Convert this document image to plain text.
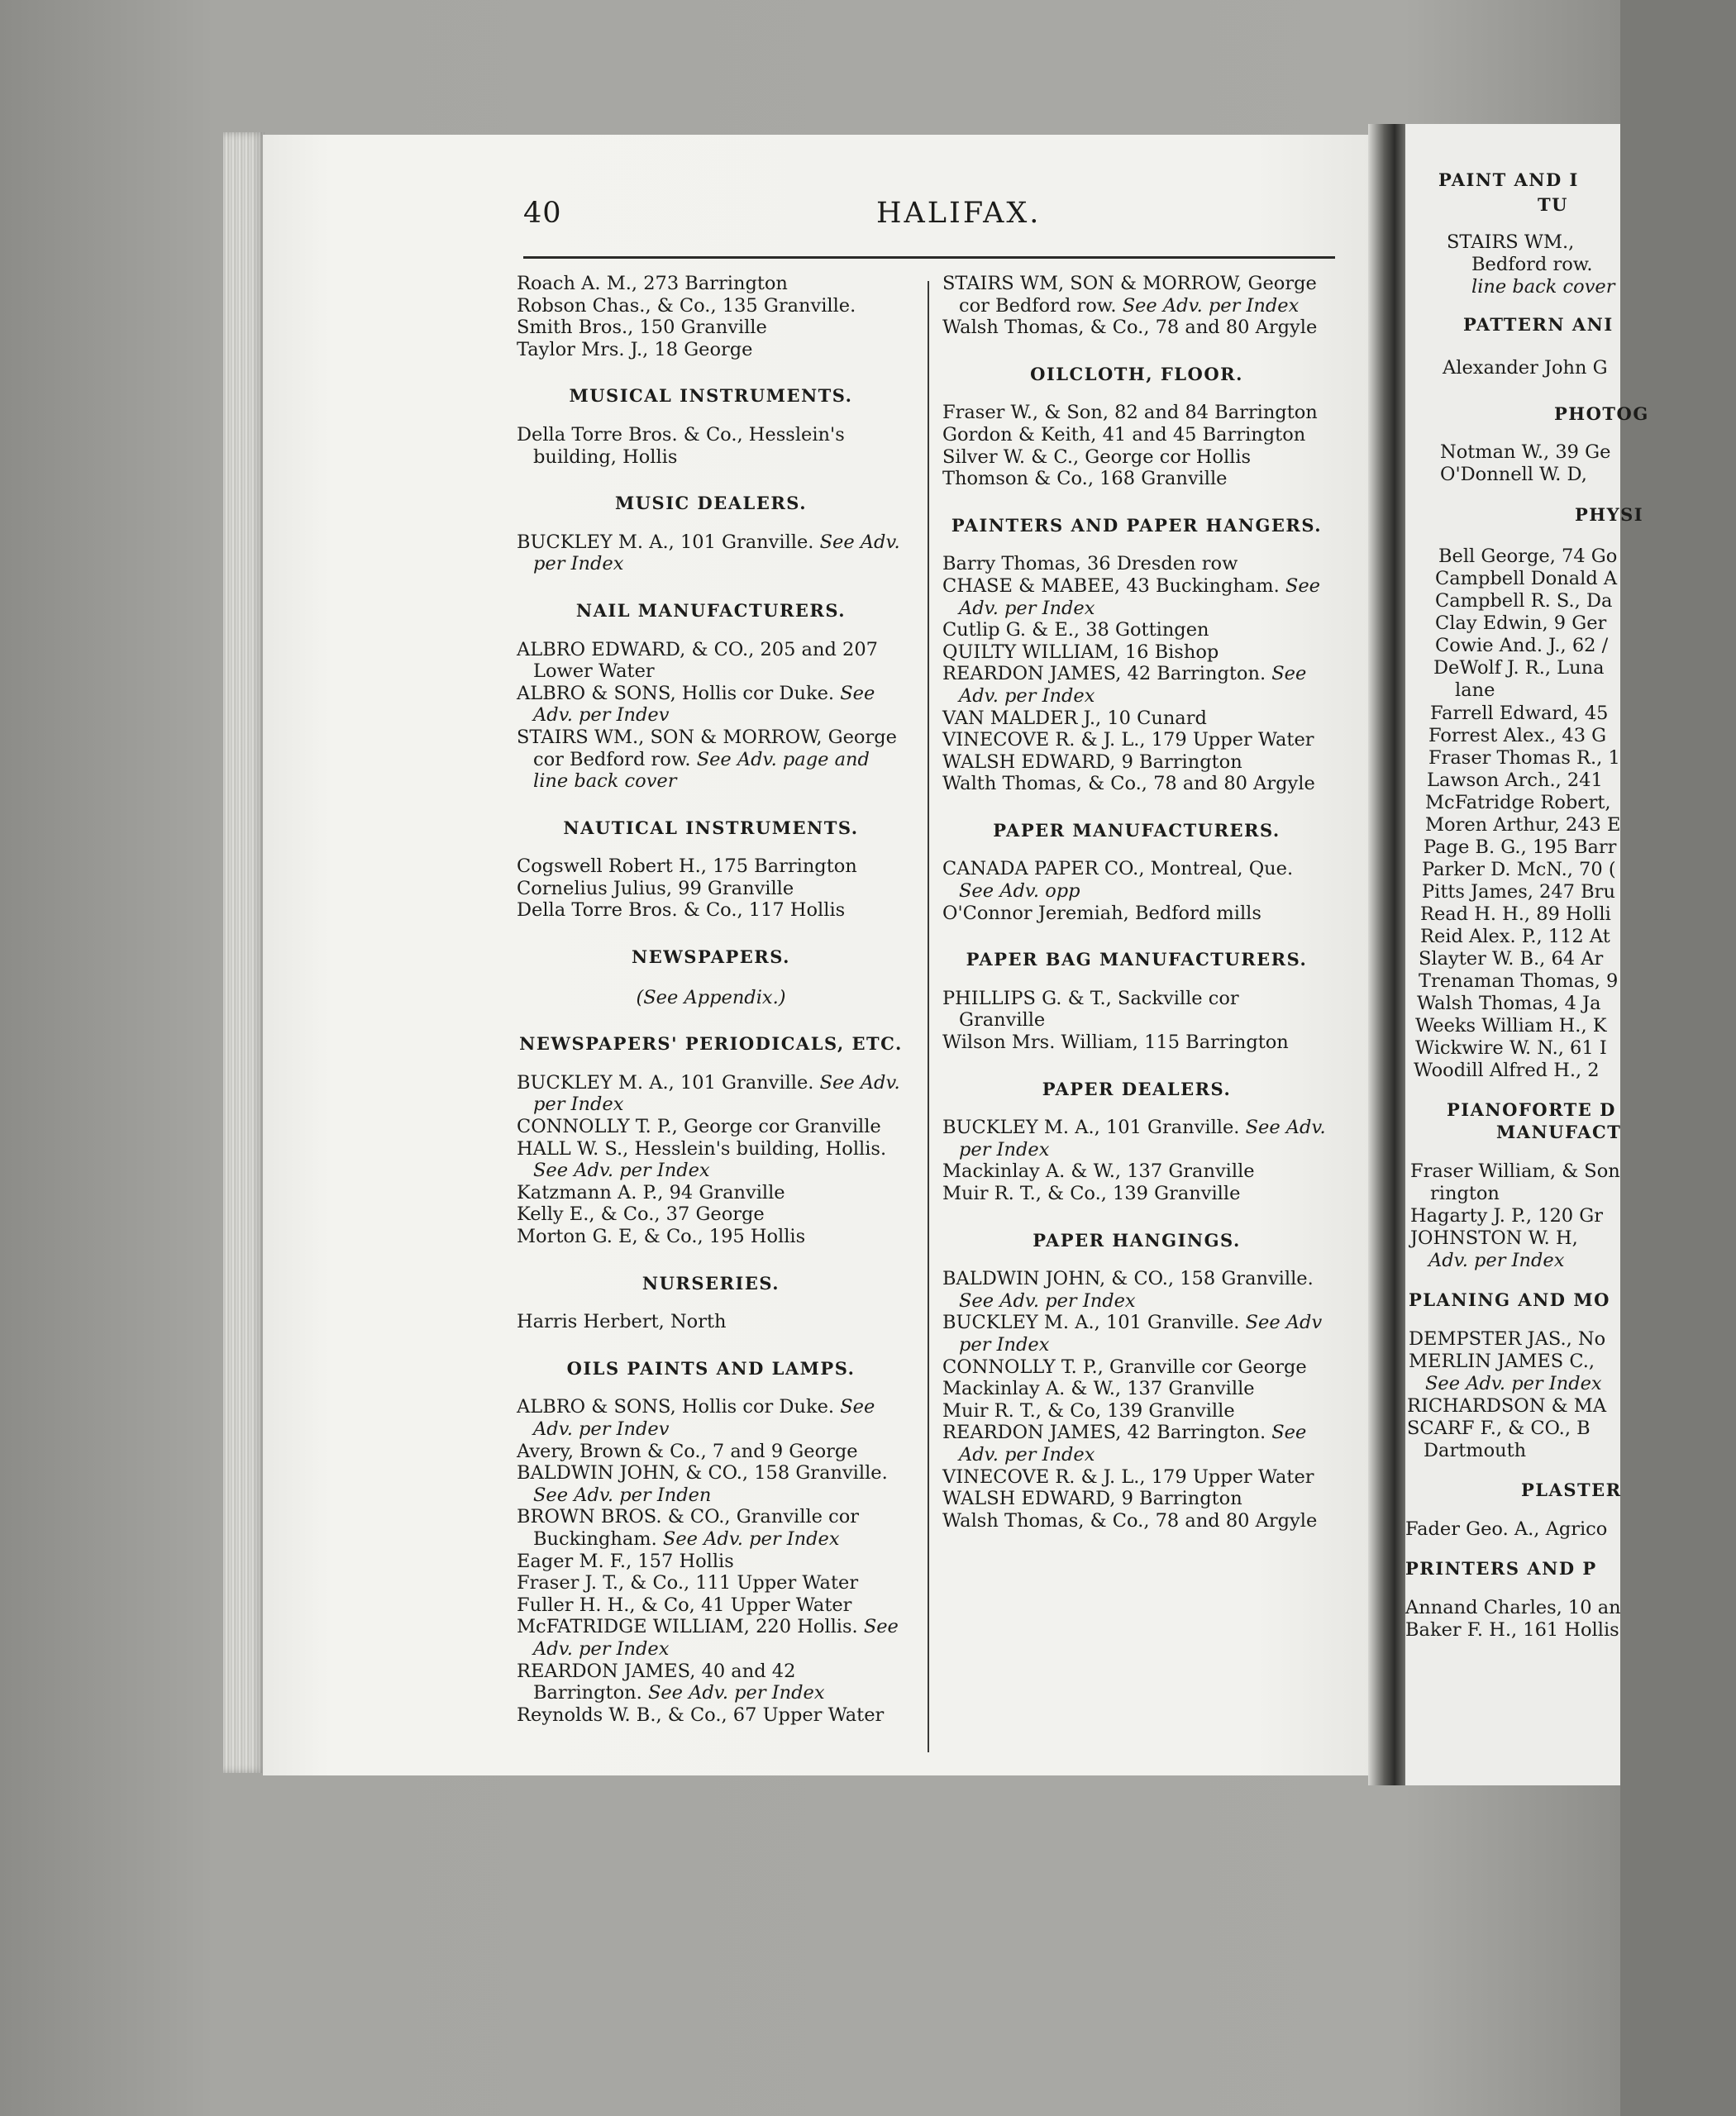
PAINT AND I
TU
STAIRS WM.,
Bedford row.
line back cover
PATTERN ANI
Alexander John G
PHOTOG
Notman W., 39 Ge
O'Donnell W. D,
PHYSI
Bell George, 74 Go
Campbell Donald A
Campbell R. S., Da
Clay Edwin, 9 Ger
Cowie And. J., 62 /
DeWolf J. R., Luna
lane
Farrell Edward, 45
Forrest Alex., 43 G
Fraser Thomas R., 1
Lawson Arch., 241
McFatridge Robert,
Moren Arthur, 243 E
Page B. G., 195 Barr
Parker D. McN., 70 (
Pitts James, 247 Bru
Read H. H., 89 Holli
Reid Alex. P., 112 At
Slayter W. B., 64 Ar
Trenaman Thomas, 9
Walsh Thomas, 4 Ja
Weeks William H., K
Wickwire W. N., 61 I
Woodill Alfred H., 2
PIANOFORTE D
MANUFACT
Fraser William, & Son
rington
Hagarty J. P., 120 Gr
JOHNSTON W. H,
Adv. per Index
PLANING AND MO
DEMPSTER JAS., No
MERLIN JAMES C.,
See Adv. per Index
RICHARDSON & MA
SCARF F., & CO., B
Dartmouth
PLASTER
Fader Geo. A., Agrico
PRINTERS AND P
Annand Charles, 10 an
Baker F. H., 161 Hollis
40	HALIFAX.
Roach A. M., 273 Barrington
Robson Chas., & Co., 135 Granville.
Smith Bros., 150 Granville
Taylor Mrs. J., 18 George
MUSICAL INSTRUMENTS.
Della Torre Bros. & Co., Hesslein's building, Hollis
MUSIC DEALERS.
BUCKLEY M. A., 101 Granville. See Adv. per Index
NAIL MANUFACTURERS.
ALBRO EDWARD, & CO., 205 and 207 Lower Water
ALBRO & SONS, Hollis cor Duke. See Adv. per Indev
STAIRS WM., SON & MORROW, George cor Bedford row. See Adv. page and line back cover
NAUTICAL INSTRUMENTS.
Cogswell Robert H., 175 Barrington
Cornelius Julius, 99 Granville
Della Torre Bros. & Co., 117 Hollis
NEWSPAPERS.
(See Appendix.)
NEWSPAPERS' PERIODICALS, ETC.
BUCKLEY M. A., 101 Granville. See Adv. per Index
CONNOLLY T. P., George cor Granville
HALL W. S., Hesslein's building, Hollis. See Adv. per Index
Katzmann A. P., 94 Granville
Kelly E., & Co., 37 George
Morton G. E, & Co., 195 Hollis
NURSERIES.
Harris Herbert, North
OILS PAINTS AND LAMPS.
ALBRO & SONS, Hollis cor Duke. See Adv. per Indev
Avery, Brown & Co., 7 and 9 George
BALDWIN JOHN, & CO., 158 Granville. See Adv. per Inden
BROWN BROS. & CO., Granville cor Buckingham. See Adv. per Index
Eager M. F., 157 Hollis
Fraser J. T., & Co., 111 Upper Water
Fuller H. H., & Co, 41 Upper Water
McFATRIDGE WILLIAM, 220 Hollis. See Adv. per Index
REARDON JAMES, 40 and 42 Barrington. See Adv. per Index
Reynolds W. B., & Co., 67 Upper Water
STAIRS WM, SON & MORROW, George cor Bedford row. See Adv. per Index
Walsh Thomas, & Co., 78 and 80 Argyle
OILCLOTH, FLOOR.
Fraser W., & Son, 82 and 84 Barrington
Gordon & Keith, 41 and 45 Barrington
Silver W. & C., George cor Hollis
Thomson & Co., 168 Granville
PAINTERS AND PAPER HANGERS.
Barry Thomas, 36 Dresden row
CHASE & MABEE, 43 Buckingham. See Adv. per Index
Cutlip G. & E., 38 Gottingen
QUILTY WILLIAM, 16 Bishop
REARDON JAMES, 42 Barrington. See Adv. per Index
VAN MALDER J., 10 Cunard
VINECOVE R. & J. L., 179 Upper Water
WALSH EDWARD, 9 Barrington
Walth Thomas, & Co., 78 and 80 Argyle
PAPER MANUFACTURERS.
CANADA PAPER CO., Montreal, Que. See Adv. opp
O'Connor Jeremiah, Bedford mills
PAPER BAG MANUFACTURERS.
PHILLIPS G. & T., Sackville cor Granville
Wilson Mrs. William, 115 Barrington
PAPER DEALERS.
BUCKLEY M. A., 101 Granville. See Adv. per Index
Mackinlay A. & W., 137 Granville
Muir R. T., & Co., 139 Granville
PAPER HANGINGS.
BALDWIN JOHN, & CO., 158 Granville. See Adv. per Index
BUCKLEY M. A., 101 Granville. See Adv per Index
CONNOLLY T. P., Granville cor George
Mackinlay A. & W., 137 Granville
Muir R. T., & Co, 139 Granville
REARDON JAMES, 42 Barrington. See Adv. per Index
VINECOVE R. & J. L., 179 Upper Water
WALSH EDWARD, 9 Barrington
Walsh Thomas, & Co., 78 and 80 Argyle
